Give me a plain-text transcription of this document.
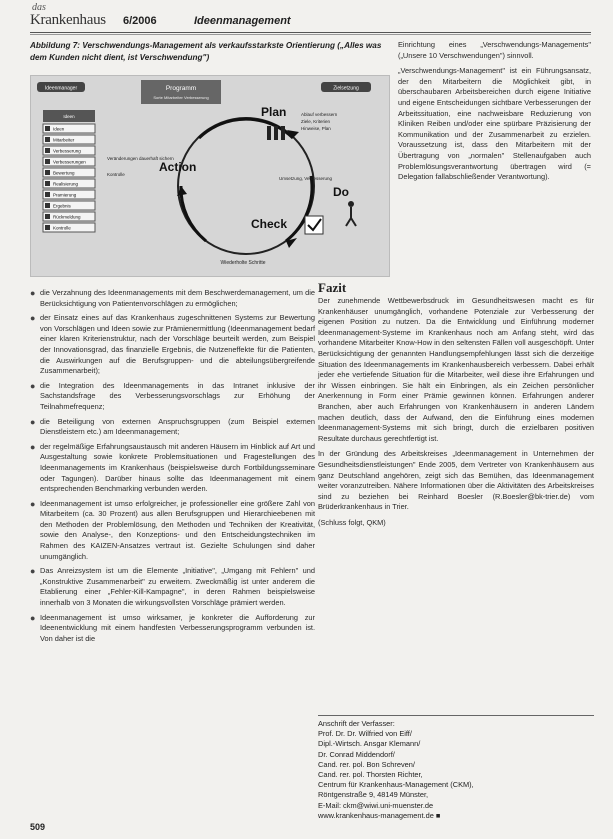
das
Krankenhaus 6/2006	Ideenmanagement
Abbildung 7: Verschwendungs-Management als verkaufsstarkste Orientierung („Alles was dem Kunden nicht dient, ist Verschwendung")
Ideenmanager	Programm
Sorte Mitarbeiter Verbesserung
Zielsetzung
Ideen
Ideen
Mitarbeiter
Verbesserung
Verbesserungen
Bewertung
Realisierung
Pramierung
Ergebnis
Rückmeldung
Kontrolle
Plan
Do
Check
Action
Ablauf verbessern
Ziele, Kriterien
Hinweise, Plan
Umsetzung, Verbesserung
Veränderungen dauerhaft sichern
Kontrolle
Wiederholte Schritte
● die Verzahnung des Ideenmanagements mit dem Beschwerdemanagement, um die Berücksichtigung von Patientenvorschlägen zu ermöglichen;
● der Einsatz eines auf das Krankenhaus zugeschnittenen Systems zur Bewertung von Vorschlägen und Ideen sowie zur Prämienermittlung (Ideenmanagement bedarf einer klaren Kriterienstruktur, nach der Vorschläge beurteilt werden, zum Beispiel der Innovationsgrad, das finanzielle Ergebnis, die Nutzeneffekte für die Patienten, die Auswirkungen auf die Berufsgruppen- und die abteilungsübergreifende Zusammenarbeit);
● die Integration des Ideenmanagements in das Intranet inklusive der Sachstandsfrage des Verbesserungsvorschlags zur Erhöhung der Teilnahmefrequenz;
● die Beteiligung von externen Anspruchsgruppen (zum Beispiel externen Dienstleistern etc.) am Ideenmanagement;
● der regelmäßige Erfahrungsaustausch mit anderen Häusern im Hinblick auf Art und Ausgestaltung sowie konkrete Problemsituationen und Fragestellungen des Ideenmanagements im Krankenhaus (beispielsweise durch Fortbildungsseminare oder Tagungen). Darüber hinaus sollte das Ideenmanagement mit einem entsprechenden Benchmarking verbunden werden.
● Ideenmanagement ist umso erfolgreicher, je professioneller eine größere Zahl von Mitarbeitern (ca. 30 Prozent) aus allen Berufsgruppen und Hierarchieebenen mit den Methoden der Problemlösung, den Methoden und Techniken der Kreativität, sowie den Analyse-, den Konzeptions- und den Entscheidungstechniken im Rahmen des KAIZEN-Ansatzes vertraut ist. Gezielte Schulungen sind daher unumgänglich.
● Das Anreizsystem ist um die Elemente „Initiative", „Umgang mit Fehlern" und „Konstruktive Zusammenarbeit" zu erweitern. Zweckmäßig ist unter anderem die Etablierung einer „Fehler-Kill-Kampagne", in deren Rahmen beispielsweise innerhalb von 3 Monaten die wirkungsvollsten Vorschläge prämiert werden.
● Ideenmanagement ist umso wirksamer, je konkreter die Aufforderung zur Ideenentwicklung mit einem handfesten Verbesserungsprogramm verbunden ist. Von daher ist die

Einrichtung eines „Verschwendungs-Managements" („Unsere 10 Verschwendungen") sinnvoll.

„Verschwendungs-Management" ist ein Führungsansatz, der den Mitarbeitern die Möglichkeit gibt, in überschaubaren Arbeitsbereichen durch eigene Initiative und eigene Entscheidungen sichtbare Verbesserungen der Arbeitssituation, eine nachweisbare Reduzierung von Kliniken Reiben und/oder eine spürbare Präzisierung der Kommunikation und der Zusammenarbeit zu erzielen. Voraussetzung ist, dass den Mitarbeitern mit der Übertragung von „normalen" Stellenaufgaben auch Problemlösungsverantwortung übertragen wird (= Delegation fallabschließender Verantwortung).

Fazit

Der zunehmende Wettbewerbsdruck im Gesundheitswesen macht es für Krankenhäuser unumgänglich, vorhandene Potenziale zur Verbesserung der eigenen Position zu nutzen. Da die Entwicklung und Einführung moderner Ideenmanagement-Systeme im Krankenhaus noch am Anfang steht, wird das vorhandene Mitarbeiter Know-How in den seltensten Fällen voll ausgeschöpft. Unter Berücksichtigung der genannten Handlungsempfehlungen lässt sich die derzeitige Situation des Ideenmanagements im Krankenhausbereich verbessern. Dabei erhält jeder ehe vertiefende Situation für die Mitarbeiter, weil diese ihre Erfahrungen und ihr Wissen einbringen. Sie hält ein Einbringen, als ein Zeichen persönlicher Anerkennung in Form einer Prämie gewinnen können. Erfahrungen anderer Branchen, aber auch Erfahrungen von Krankenhäusern in anderen Ländern machen deutlich, dass der Aufwand, den die Einführung eines modernen Ideenmanagement-Systems mit sich bringt, durch die erzielbaren positiven Resultate durchaus gerechtfertigt ist.

In der Gründung des Arbeitskreises „Ideenmanagement in Unternehmen der Gesundheitsdienstleistungen" Ende 2005, dem Vertreter von Krankenhäusern aus ganz Deutschland angehören, zeigt sich das Bemühen, das Ideenmanagement weiter voranzutreiben. Nähere Informationen über die Aktivitäten des Arbeitskreises sind zu beziehen bei Reinhard Boesler (R.Boesler@bk-trier.de) vom Brüderkrankenhaus in Trier.

(Schluss folgt, QKM)

Anschrift der Verfasser:
Prof. Dr. Dr. Wilfried von Eiff/
Dipl.-Wirtsch. Ansgar Klemann/
Dr. Conrad Middendorf/
Cand. rer. pol. Bon Schreven/
Cand. rer. pol. Thorsten Richter,
Centrum für Krankenhaus-Management (CKM),
Röntgenstraße 9, 48149 Münster,
E-Mail: ckm@wiwi.uni-muenster.de
www.krankenhaus-management.de ■
509
